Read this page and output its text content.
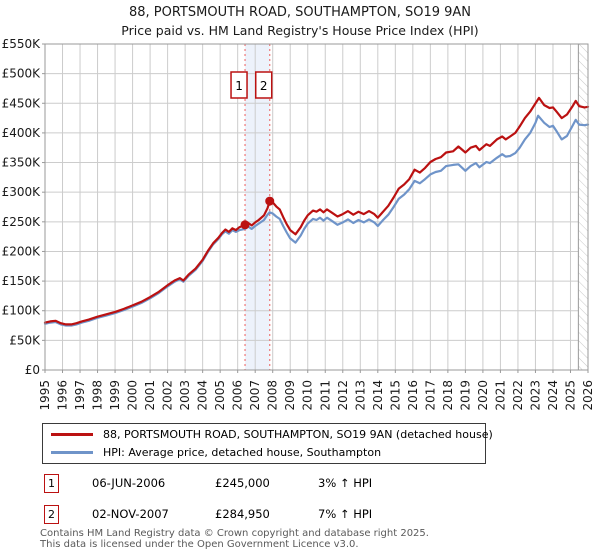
88, PORTSMOUTH ROAD, SOUTHAMPTON, SO19 9AN
Price paid vs. HM Land Registry's House Price Index (HPI)
1 2
£0
£50K
£100K
£150K
£200K
£250K
£300K
£350K
£400K
£450K
£500K
£550K
1995 1996 1997 1998 1999 2000 2001 2002 2003 2004 2005 2006 2007 2008 2009 2010 2011 2012 2013 2014 2015 2016 2017 2018 2019 2020 2021 2022 2023 2024 2025 2026
88, PORTSMOUTH ROAD, SOUTHAMPTON, SO19 9AN (detached house)
HPI: Average price, detached house, Southampton
1	06-JUN-2006	£245,000	3% ↑ HPI
2	02-NOV-2007	£284,950	7% ↑ HPI
Contains HM Land Registry data © Crown copyright and database right 2025.
This data is licensed under the Open Government Licence v3.0.
